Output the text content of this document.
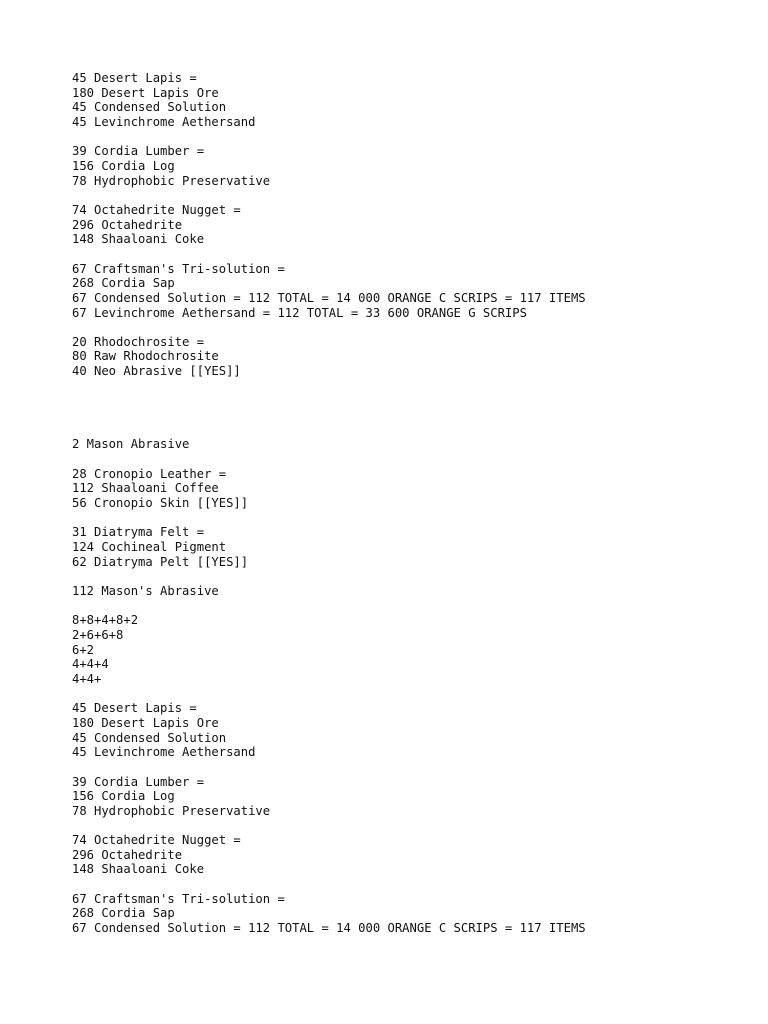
45 Desert Lapis =
180 Desert Lapis Ore
45 Condensed Solution
45 Levinchrome Aethersand
39 Cordia Lumber =
156 Cordia Log
78 Hydrophobic Preservative
74 Octahedrite Nugget =
296 Octahedrite
148 Shaaloani Coke
67 Craftsman's Tri-solution =
268 Cordia Sap
67 Condensed Solution = 112 TOTAL = 14 000 ORANGE C SCRIPS = 117 ITEMS
67 Levinchrome Aethersand = 112 TOTAL = 33 600 ORANGE G SCRIPS
20 Rhodochrosite =
80 Raw Rhodochrosite
40 Neo Abrasive [[YES]]
2 Mason Abrasive
28 Cronopio Leather =
112 Shaaloani Coffee
56 Cronopio Skin [[YES]]
31 Diatryma Felt =
124 Cochineal Pigment
62 Diatryma Pelt [[YES]]
112 Mason's Abrasive
8+8+4+8+2
2+6+6+8
6+2
4+4+4
4+4+
45 Desert Lapis =
180 Desert Lapis Ore
45 Condensed Solution
45 Levinchrome Aethersand
39 Cordia Lumber =
156 Cordia Log
78 Hydrophobic Preservative
74 Octahedrite Nugget =
296 Octahedrite
148 Shaaloani Coke
67 Craftsman's Tri-solution =
268 Cordia Sap
67 Condensed Solution = 112 TOTAL = 14 000 ORANGE C SCRIPS = 117 ITEMS
